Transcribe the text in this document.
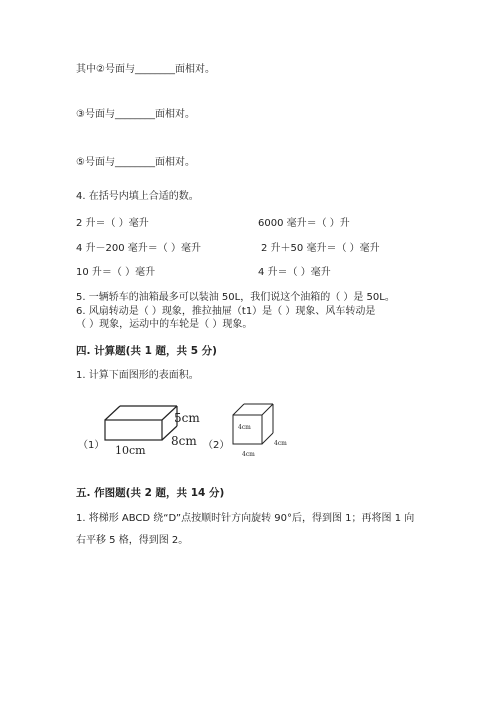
其中②号面与________面相对。
③号面与________面相对。
⑤号面与________面相对。
4. 在括号内填上合适的数。
2 升＝（ ）毫升	6000 毫升＝（ ）升
4 升－200 毫升＝（ ）毫升	2 升＋50 毫升＝（ ）毫升
10 升＝（ ）毫升	4 升＝（ ）毫升
5. 一辆轿车的油箱最多可以装油 50L，我们说这个油箱的（ ）是 50L。
6. 风扇转动是（ ）现象，推拉抽屉（t1）是（ ）现象、风车转动是
（ ）现象，运动中的车轮是（ ）现象。
四. 计算题(共 1 题，共 5 分)
1. 计算下面图形的表面积。
（1）
5cm
8cm
10cm	（2）
4cm
4cm
4cm
五. 作图题(共 2 题，共 14 分)
1. 将梯形 ABCD 绕“D”点按顺时针方向旋转 90°后，得到图 1；再将图 1 向
右平移 5 格，得到图 2。
